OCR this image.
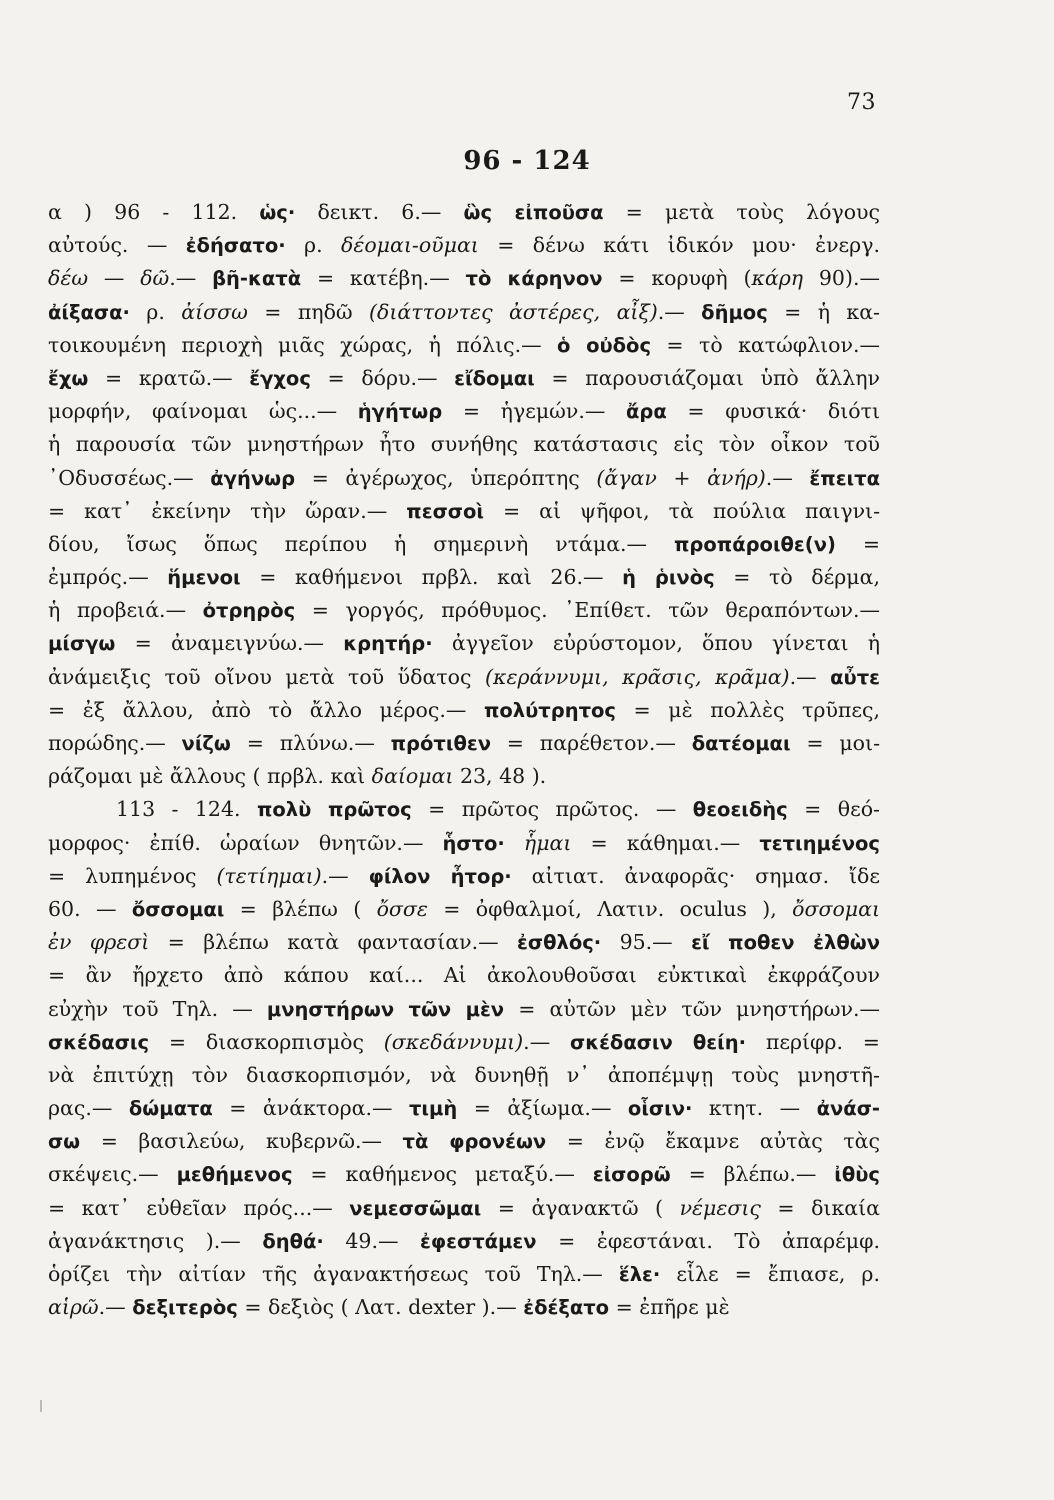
73
96 - 124
α ) 96 - 112. ὡς· δεικτ. 6.— ὣς εἰποῦσα = μετὰ τοὺς λόγους
αὐτούς. — ἐδήσατο· ρ. δέομαι-οῦμαι = δένω κάτι ἰδικόν μου· ἐνεργ.
δέω — δῶ.— βῆ-κατὰ = κατέβη.— τὸ κάρηνον = κορυφὴ (κάρη 90).—
ἀίξασα· ρ. ἀίσσω = πηδῶ (διάττοντες ἀστέρες, αἶξ).— δῆμος = ἡ κα-
τοικουμένη περιοχὴ μιᾶς χώρας, ἡ πόλις.— ὁ οὐδὸς = τὸ κατώφλιον.—
ἔχω = κρατῶ.— ἔγχος = δόρυ.— εἴδομαι = παρουσιάζομαι ὑπὸ ἄλλην
μορφήν, φαίνομαι ὡς...— ἡγήτωρ = ἡγεμών.— ἄρα = φυσικά· διότι
ἡ παρουσία τῶν μνηστήρων ἦτο συνήθης κατάστασις εἰς τὸν οἶκον τοῦ
᾽Οδυσσέως.— ἀγήνωρ = ἀγέρωχος, ὑπερόπτης (ἄγαν + ἀνήρ).— ἔπειτα
= κατ᾽ ἐκείνην τὴν ὥραν.— πεσσοὶ = αἱ ψῆφοι, τὰ πούλια παιγνι-
δίου, ἴσως ὅπως περίπου ἡ σημερινὴ ντάμα.— προπάροιθε(ν) =
ἐμπρός.— ἥμενοι = καθήμενοι πρβλ. καὶ 26.— ἡ ῥινὸς = τὸ δέρμα,
ἡ προβειά.— ὀτρηρὸς = γοργός, πρόθυμος. ᾽Επίθετ. τῶν θεραπόντων.—
μίσγω = ἀναμειγνύω.— κρητήρ· ἀγγεῖον εὐρύστομον, ὅπου γίνεται ἡ
ἀνάμειξις τοῦ οἴνου μετὰ τοῦ ὕδατος (κεράννυμι, κρᾶσις, κρᾶμα).— αὖτε
= ἐξ ἄλλου, ἀπὸ τὸ ἄλλο μέρος.— πολύτρητος = μὲ πολλὲς τρῦπες,
πορώδης.— νίζω = πλύνω.— πρότιθεν = παρέθετον.— δατέομαι = μοι-
ράζομαι μὲ ἄλλους ( πρβλ. καὶ δαίομαι 23, 48 ).
113 - 124. πολὺ πρῶτος = πρῶτος πρῶτος. — θεοειδὴς = θεό-
μορφος· ἐπίθ. ὡραίων θνητῶν.— ἧστο· ἧμαι = κάθημαι.— τετιημένος
= λυπημένος (τετίημαι).— φίλον ἦτορ· αἰτιατ. ἀναφορᾶς· σημασ. ἴδε
60. — ὄσσομαι = βλέπω ( ὄσσε = ὀφθαλμοί, Λατιν. oculus ), ὄσσομαι
ἐν φρεσὶ = βλέπω κατὰ φαντασίαν.— ἐσθλός· 95.— εἴ ποθεν ἐλθὼν
= ἂν ἤρχετο ἀπὸ κάπου καί... Αἱ ἀκολουθοῦσαι εὐκτικαὶ ἐκφράζουν
εὐχὴν τοῦ Τηλ. — μνηστήρων τῶν μὲν = αὐτῶν μὲν τῶν μνηστήρων.—
σκέδασις = διασκορπισμὸς (σκεδάννυμι).— σκέδασιν θείη· περίφρ. =
νὰ ἐπιτύχῃ τὸν διασκορπισμόν, νὰ δυνηθῇ ν᾽ ἀποπέμψῃ τοὺς μνηστῆ-
ρας.— δώματα = ἀνάκτορα.— τιμὴ = ἀξίωμα.— οἷσιν· κτητ. — ἀνάσ-
σω = βασιλεύω, κυβερνῶ.— τὰ φρονέων = ἐνῷ ἔκαμνε αὐτὰς τὰς
σκέψεις.— μεθήμενος = καθήμενος μεταξύ.— εἰσορῶ = βλέπω.— ἰθὺς
= κατ᾽ εὐθεῖαν πρός...— νεμεσσῶμαι = ἀγανακτῶ ( νέμεσις = δικαία
ἀγανάκτησις ).— δηθά· 49.— ἐφεστάμεν = ἐφεστάναι. Τὸ ἀπαρέμφ.
ὁρίζει τὴν αἰτίαν τῆς ἀγανακτήσεως τοῦ Τηλ.— ἕλε· εἷλε = ἔπιασε, ρ.
αἱρῶ.— δεξιτερὸς = δεξιὸς ( Λατ. dexter ).— ἐδέξατο = ἐπῆρε μὲ
